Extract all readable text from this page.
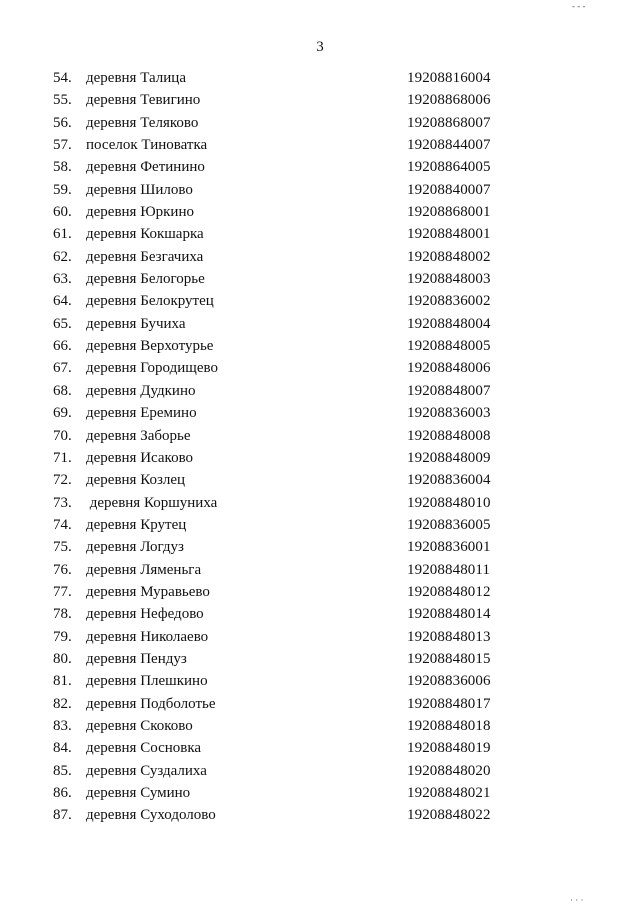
3
54. деревня Талица	19208816004
55. деревня Тевигино	19208868006
56. деревня Теляково	19208868007
57. поселок Тиноватка	19208844007
58. деревня Фетинино	19208864005
59. деревня Шилово	19208840007
60. деревня Юркино	19208868001
61. деревня Кокшарка	19208848001
62. деревня Безгачиха	19208848002
63. деревня Белогорье	19208848003
64. деревня Белокрутец	19208836002
65. деревня Бучиха	19208848004
66. деревня Верхотурье	19208848005
67. деревня Городищево	19208848006
68. деревня Дудкино	19208848007
69. деревня Еремино	19208836003
70. деревня Заборье	19208848008
71. деревня Исаково	19208848009
72. деревня Козлец	19208836004
73. деревня Коршуниха	19208848010
74. деревня Крутец	19208836005
75. деревня Логдуз	19208836001
76. деревня Ляменьга	19208848011
77. деревня Муравьево	19208848012
78. деревня Нефедово	19208848014
79. деревня Николаево	19208848013
80. деревня Пендуз	19208848015
81. деревня Плешкино	19208836006
82. деревня Подболотье	19208848017
83. деревня Скоково	19208848018
84. деревня Сосновка	19208848019
85. деревня Суздалиха	19208848020
86. деревня Сумино	19208848021
87. деревня Суходолово	19208848022
‑ ‑ ‑
· · ·
